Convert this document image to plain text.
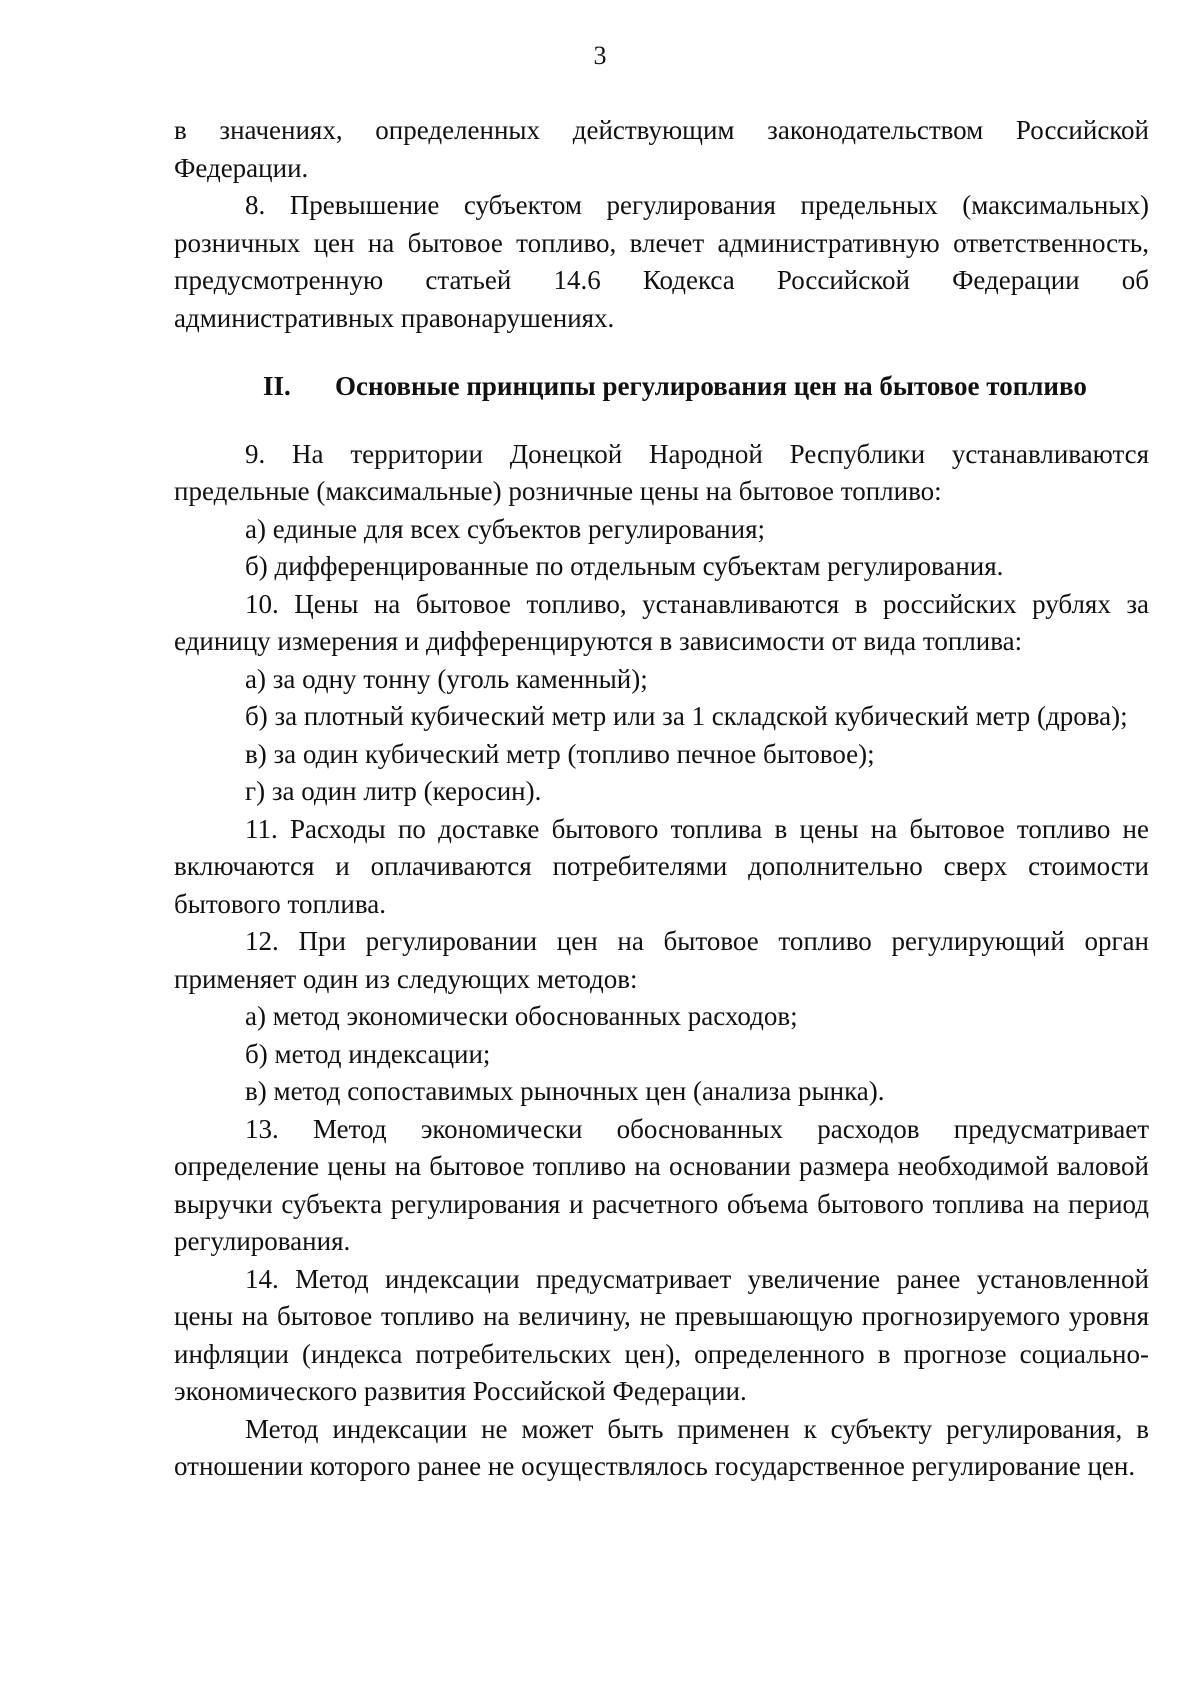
3

в значениях, определенных действующим законодательством Российской Федерации.

8. Превышение субъектом регулирования предельных (максимальных) розничных цен на бытовое топливо, влечет административную ответственность, предусмотренную статьей 14.6 Кодекса Российской Федерации об административных правонарушениях.

II.	Основные принципы регулирования цен на бытовое топливо

9. На территории Донецкой Народной Республики устанавливаются предельные (максимальные) розничные цены на бытовое топливо:

а) единые для всех субъектов регулирования;

б) дифференцированные по отдельным субъектам регулирования.

10. Цены на бытовое топливо, устанавливаются в российских рублях за единицу измерения и дифференцируются в зависимости от вида топлива:

а) за одну тонну (уголь каменный);

б) за плотный кубический метр или за 1 складской кубический метр (дрова);

в) за один кубический метр (топливо печное бытовое);

г) за один литр (керосин).

11. Расходы по доставке бытового топлива в цены на бытовое топливо не включаются и оплачиваются потребителями дополнительно сверх стоимости бытового топлива.

12. При регулировании цен на бытовое топливо регулирующий орган применяет один из следующих методов:

а) метод экономически обоснованных расходов;

б) метод индексации;

в) метод сопоставимых рыночных цен (анализа рынка).

13. Метод экономически обоснованных расходов предусматривает определение цены на бытовое топливо на основании размера необходимой валовой выручки субъекта регулирования и расчетного объема бытового топлива на период регулирования.

14. Метод индексации предусматривает увеличение ранее установленной цены на бытовое топливо на величину, не превышающую прогнозируемого уровня инфляции (индекса потребительских цен), определенного в прогнозе социально-экономического развития Российской Федерации.

Метод индексации не может быть применен к субъекту регулирования, в отношении которого ранее не осуществлялось государственное регулирование цен.
